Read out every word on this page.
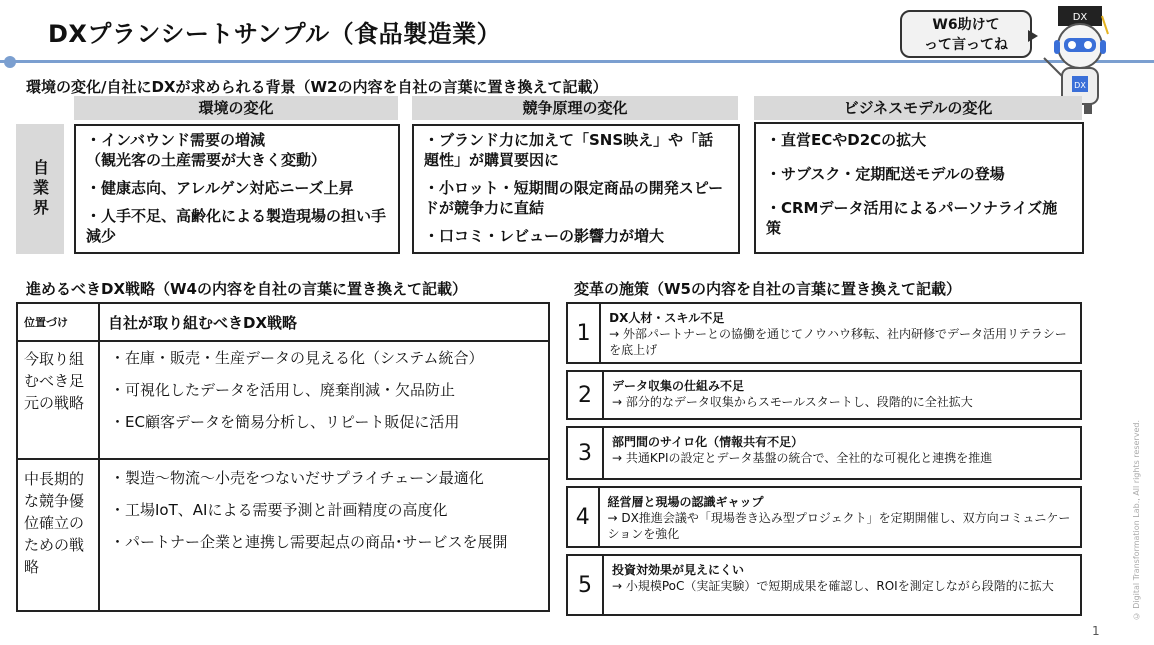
DXプランシートサンプル（食品製造業）	W6助けて
って言ってね
DX
DX
環境の変化/自社にDXが求められる背景（W2の内容を自社の言葉に置き換えて記載）
環境の変化	競争原理の変化	ビジネスモデルの変化
自業界
・インバウンド需要の増減
（観光客の土産需要が大きく変動）
・健康志向、アレルゲン対応ニーズ上昇
・人手不足、高齢化による製造現場の担い手減少
・ブランド力に加えて「SNS映え」や「話題性」が購買要因に
・小ロット・短期間の限定商品の開発スピードが競争力に直結
・口コミ・レビューの影響力が増大
・直営ECやD2Cの拡大
・サブスク・定期配送モデルの登場
・CRMデータ活用によるパーソナライズ施策
進めるべきDX戦略（W4の内容を自社の言葉に置き換えて記載）
位置づけ	自社が取り組むべきDX戦略
今取り組むべき足元の戦略	・在庫・販売・生産データの見える化（システム統合）
・可視化したデータを活用し、廃棄削減・欠品防止
・EC顧客データを簡易分析し、リピート販促に活用

中長期的な競争優位確立のための戦略	・製造〜物流〜小売をつないだサプライチェーン最適化
・工場IoT、AIによる需要予測と計画精度の高度化
・パートナー企業と連携し需要起点の商品･サービスを展開
変革の施策（W5の内容を自社の言葉に置き換えて記載）
1
DX人材・スキル不足
→ 外部パートナーとの協働を通じてノウハウ移転、社内研修でデータ活用リテラシーを底上げ
2	データ収集の仕組み不足
→ 部分的なデータ収集からスモールスタートし、段階的に全社拡大
3	部門間のサイロ化（情報共有不足）
→ 共通KPIの設定とデータ基盤の統合で、全社的な可視化と連携を推進
4
経営層と現場の認識ギャップ
→ DX推進会議や「現場巻き込み型プロジェクト」を定期開催し、双方向コミュニケーションを強化
5
投資対効果が見えにくい
→ 小規模PoC（実証実験）で短期成果を確認し、ROIを測定しながら段階的に拡大	© Digital Transformation Lab., All rights reserved.
1
